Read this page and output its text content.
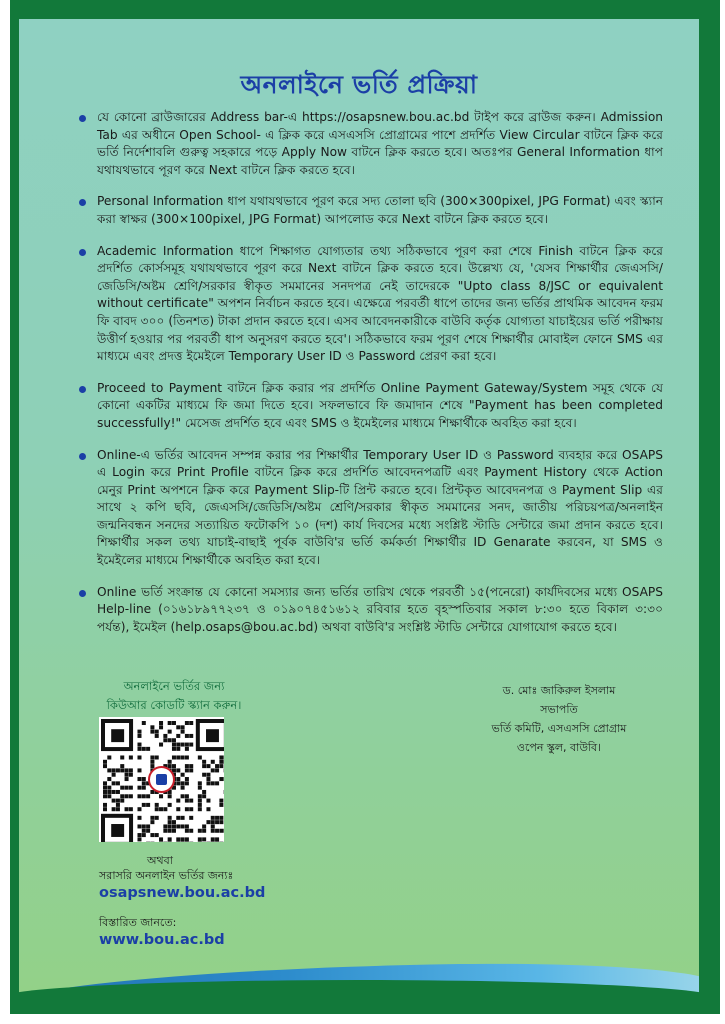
অনলাইনে ভর্তি প্রক্রিয়া
যে কোনো ব্রাউজারের Address bar-এ https://osapsnew.bou.ac.bd টাইপ করে ব্রাউজ করুন। Admission Tab এর অধীনে Open School- এ ক্লিক করে এসএসসি প্রোগ্রামের পাশে প্রদর্শিত View Circular বাটনে ক্লিক করে ভর্তি নির্দেশাবলি গুরুত্ব সহকারে পড়ে Apply Now বাটনে ক্লিক করতে হবে। অতঃপর General Information ধাপ যথাযথভাবে পূরণ করে Next বাটনে ক্লিক করতে হবে।
Personal Information ধাপ যথাযথভাবে পূরণ করে সদ্য তোলা ছবি (300×300pixel, JPG Format) এবং স্ক্যান করা স্বাক্ষর (300×100pixel, JPG Format) আপলোড করে Next বাটনে ক্লিক করতে হবে।
Academic Information ধাপে শিক্ষাগত যোগ্যতার তথ্য সঠিকভাবে পূরণ করা শেষে Finish বাটনে ক্লিক করে প্রদর্শিত কোর্সসমূহ যথাযথভাবে পূরণ করে Next বাটনে ক্লিক করতে হবে। উল্লেখ্য যে, 'যেসব শিক্ষার্থীর জেএসসি/জেডিসি/অষ্টম শ্রেণি/সরকার স্বীকৃত সমমানের সনদপত্র নেই তাদেরকে "Upto class 8/JSC or equivalent without certificate" অপশন নির্বাচন করতে হবে। এক্ষেত্রে পরবর্তী ধাপে তাদের জন্য ভর্তির প্রাথমিক আবেদন ফরম ফি বাবদ ৩০০ (তিনশত) টাকা প্রদান করতে হবে। এসব আবেদনকারীকে বাউবি কর্তৃক যোগ্যতা যাচাইয়ের ভর্তি পরীক্ষায় উত্তীর্ণ হওয়ার পর পরবর্তী ধাপ অনুসরণ করতে হবে'। সঠিকভাবে ফরম পূরণ শেষে শিক্ষার্থীর মোবাইল ফোনে SMS এর মাধ্যমে এবং প্রদত্ত ইমেইলে Temporary User ID ও Password প্রেরণ করা হবে।
Proceed to Payment বাটনে ক্লিক করার পর প্রদর্শিত Online Payment Gateway/System সমূহ থেকে যে কোনো একটির মাধ্যমে ফি জমা দিতে হবে। সফলভাবে ফি জমাদান শেষে "Payment has been completed successfully!" মেসেজ প্রদর্শিত হবে এবং SMS ও ইমেইলের মাধ্যমে শিক্ষার্থীকে অবহিত করা হবে।
Online-এ ভর্তির আবেদন সম্পন্ন করার পর শিক্ষার্থীর Temporary User ID ও Password ব্যবহার করে OSAPS এ Login করে Print Profile বাটনে ক্লিক করে প্রদর্শিত আবেদনপত্রটি এবং Payment History থেকে Action মেনুর Print অপশনে ক্লিক করে Payment Slip-টি প্রিন্ট করতে হবে। প্রিন্টকৃত আবেদনপত্র ও Payment Slip এর সাথে ২ কপি ছবি, জেএসসি/জেডিসি/অষ্টম শ্রেণি/সরকার স্বীকৃত সমমানের সনদ, জাতীয় পরিচয়পত্র/অনলাইন জন্মনিবন্ধন সনদের সত্যায়িত ফটোকপি ১০ (দশ) কার্য দিবসের মধ্যে সংশ্লিষ্ট স্টাডি সেন্টারে জমা প্রদান করতে হবে। শিক্ষার্থীর সকল তথ্য যাচাই-বাছাই পূর্বক বাউবি'র ভর্তি কর্মকর্তা শিক্ষার্থীর ID Genarate করবেন, যা SMS ও ইমেইলের মাধ্যমে শিক্ষার্থীকে অবহিত করা হবে।
Online ভর্তি সংক্রান্ত যে কোনো সমস্যার জন্য ভর্তির তারিখ থেকে পরবর্তী ১৫(পনেরো) কার্যদিবসের মধ্যে OSAPS Help-line (০১৬১৮৯৭৭২৩৭ ও ০১৯০৭৪৫১৬১২ রবিবার হতে বৃহস্পতিবার সকাল ৮:৩০ হতে বিকাল ৩:৩০ পর্যন্ত), ইমেইল (help.osaps@bou.ac.bd) অথবা বাউবি'র সংশ্লিষ্ট স্টাডি সেন্টারে যোগাযোগ করতে হবে।
অনলাইনে ভর্তির জন্য
কিউআর কোডটি স্ক্যান করুন।
অথবা
সরাসরি অনলাইন ভর্তির জন্যঃ
osapsnew.bou.ac.bd
বিস্তারিত জানতে:
www.bou.ac.bd
ড. মোঃ জাকিরুল ইসলাম
সভাপতি
ভর্তি কমিটি, এসএসসি প্রোগ্রাম
ওপেন স্কুল, বাউবি।
